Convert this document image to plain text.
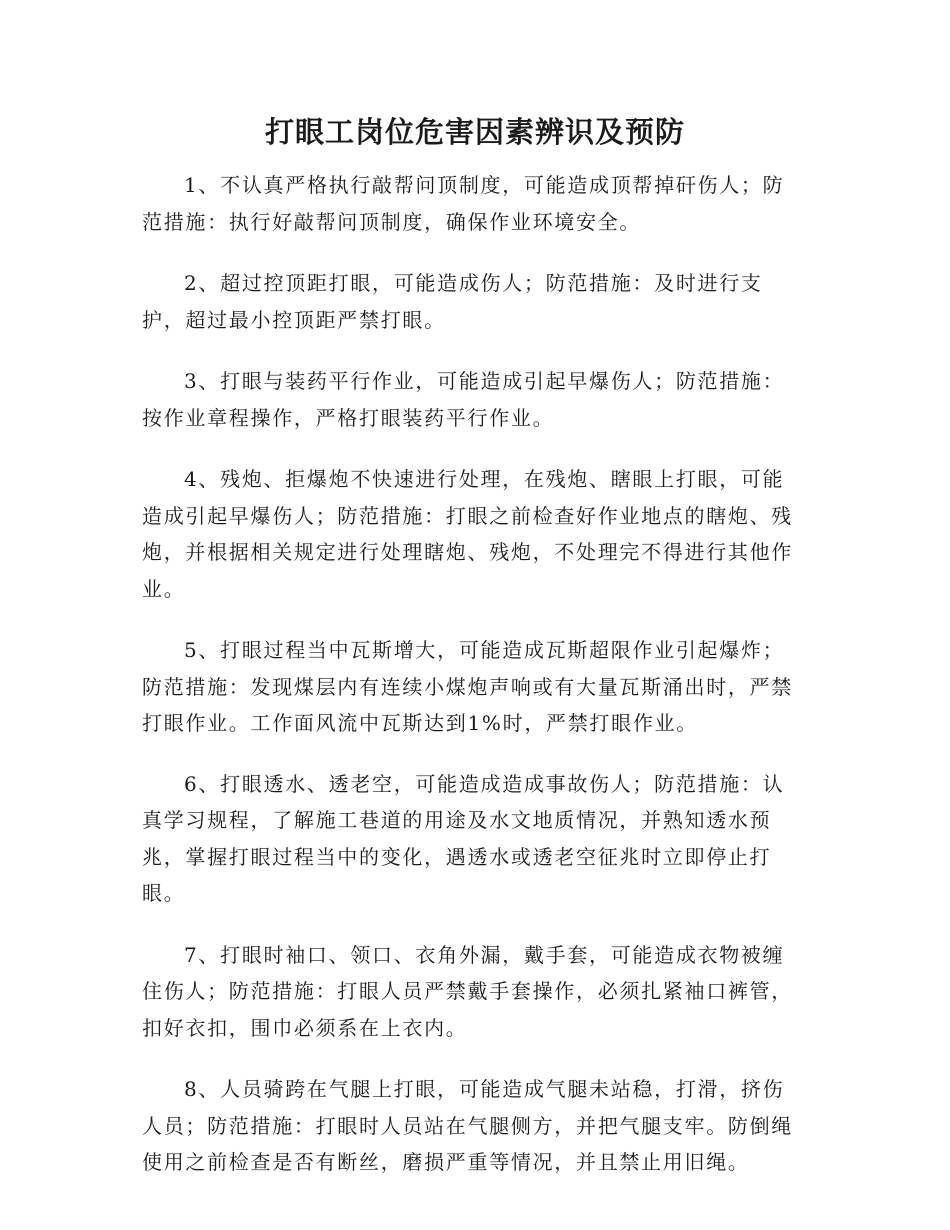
打眼工岗位危害因素辨识及预防

1、不认真严格执行敲帮问顶制度，可能造成顶帮掉矸伤人；防范措施：执行好敲帮问顶制度，确保作业环境安全。

2、超过控顶距打眼，可能造成伤人；防范措施：及时进行支护，超过最小控顶距严禁打眼。

3、打眼与装药平行作业，可能造成引起早爆伤人；防范措施：按作业章程操作，严格打眼装药平行作业。

4、残炮、拒爆炮不快速进行处理，在残炮、瞎眼上打眼，可能造成引起早爆伤人；防范措施：打眼之前检查好作业地点的瞎炮、残炮，并根据相关规定进行处理瞎炮、残炮，不处理完不得进行其他作业。

5、打眼过程当中瓦斯增大，可能造成瓦斯超限作业引起爆炸；防范措施：发现煤层内有连续小煤炮声响或有大量瓦斯涌出时，严禁打眼作业。工作面风流中瓦斯达到1%时，严禁打眼作业。

6、打眼透水、透老空，可能造成造成事故伤人；防范措施：认真学习规程，了解施工巷道的用途及水文地质情况，并熟知透水预兆，掌握打眼过程当中的变化，遇透水或透老空征兆时立即停止打眼。

7、打眼时袖口、领口、衣角外漏，戴手套，可能造成衣物被缠住伤人；防范措施：打眼人员严禁戴手套操作，必须扎紧袖口裤管，扣好衣扣，围巾必须系在上衣内。

8、人员骑跨在气腿上打眼，可能造成气腿未站稳，打滑，挤伤人员；防范措施：打眼时人员站在气腿侧方，并把气腿支牢。防倒绳使用之前检查是否有断丝，磨损严重等情况，并且禁止用旧绳。
